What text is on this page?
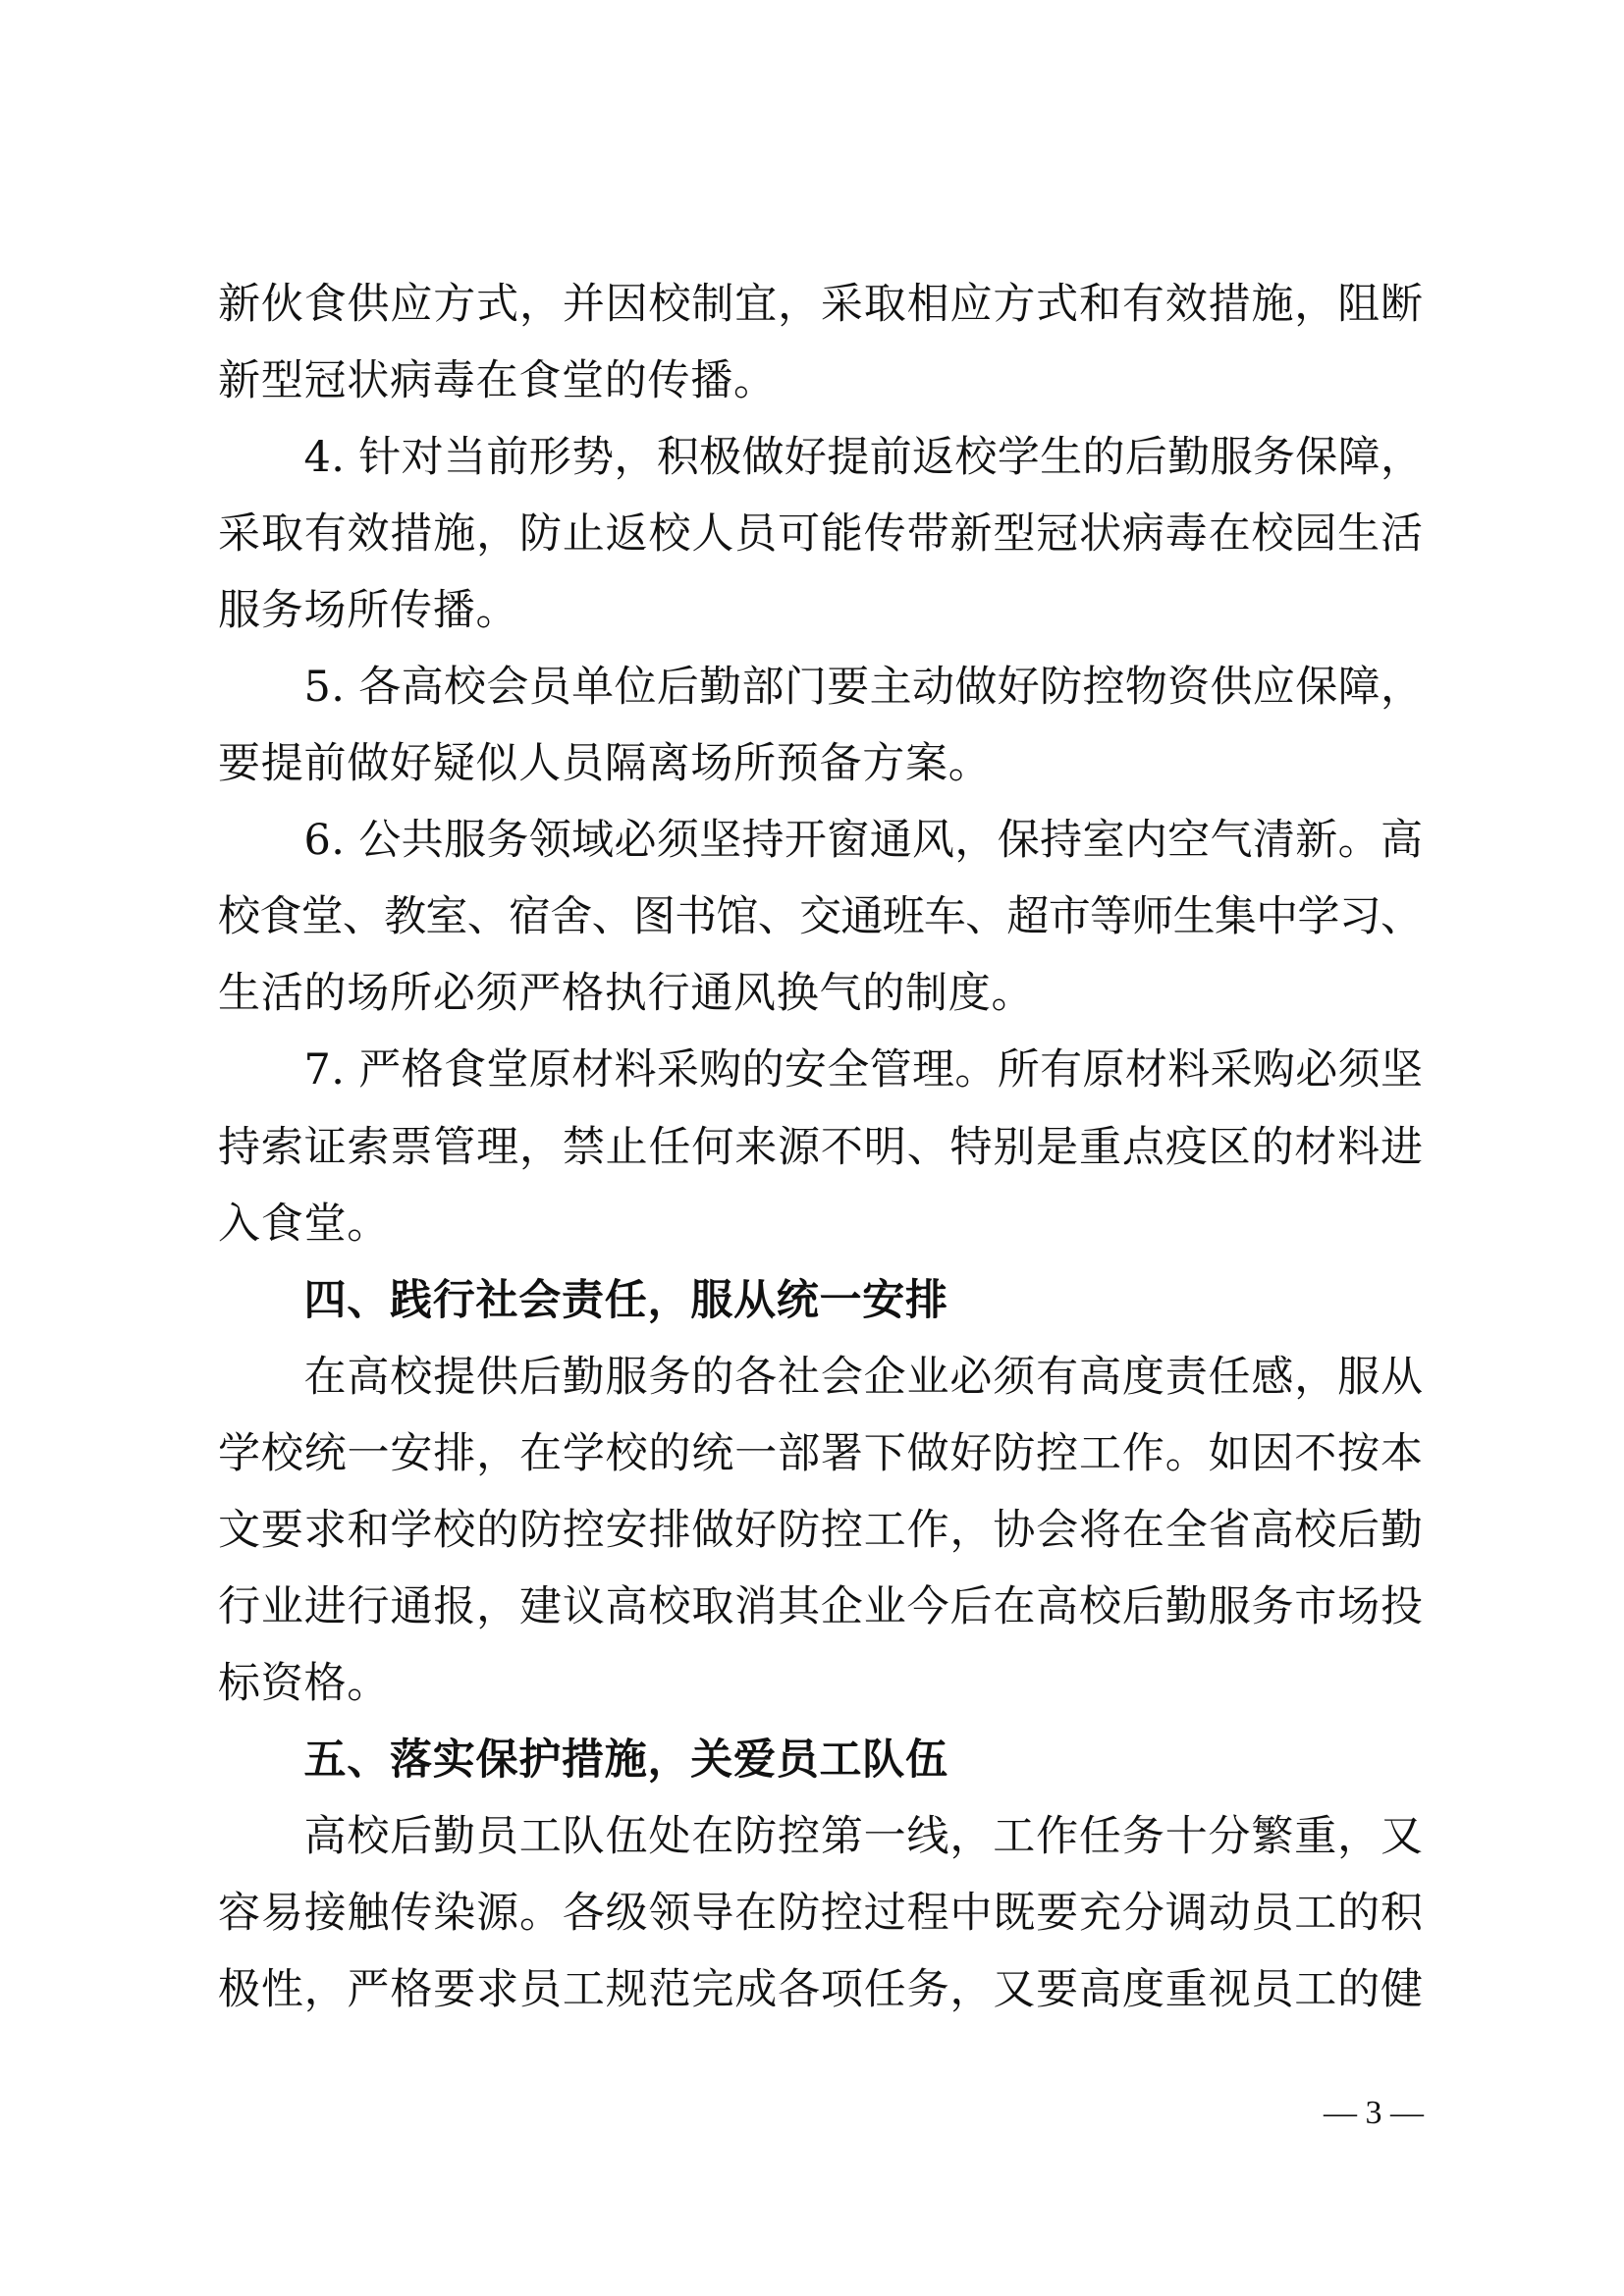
新伙食供应方式，并因校制宜，采取相应方式和有效措施，阻断
新型冠状病毒在食堂的传播。
4. 针对当前形势，积极做好提前返校学生的后勤服务保障，
采取有效措施，防止返校人员可能传带新型冠状病毒在校园生活
服务场所传播。
5. 各高校会员单位后勤部门要主动做好防控物资供应保障，
要提前做好疑似人员隔离场所预备方案。
6. 公共服务领域必须坚持开窗通风，保持室内空气清新。高
校食堂、教室、宿舍、图书馆、交通班车、超市等师生集中学习、
生活的场所必须严格执行通风换气的制度。
7. 严格食堂原材料采购的安全管理。所有原材料采购必须坚
持索证索票管理，禁止任何来源不明、特别是重点疫区的材料进
入食堂。
四、践行社会责任，服从统一安排
在高校提供后勤服务的各社会企业必须有高度责任感，服从
学校统一安排，在学校的统一部署下做好防控工作。如因不按本
文要求和学校的防控安排做好防控工作，协会将在全省高校后勤
行业进行通报，建议高校取消其企业今后在高校后勤服务市场投
标资格。
五、落实保护措施，关爱员工队伍
高校后勤员工队伍处在防控第一线，工作任务十分繁重，又
容易接触传染源。各级领导在防控过程中既要充分调动员工的积
极性，严格要求员工规范完成各项任务，又要高度重视员工的健
— 3 —
